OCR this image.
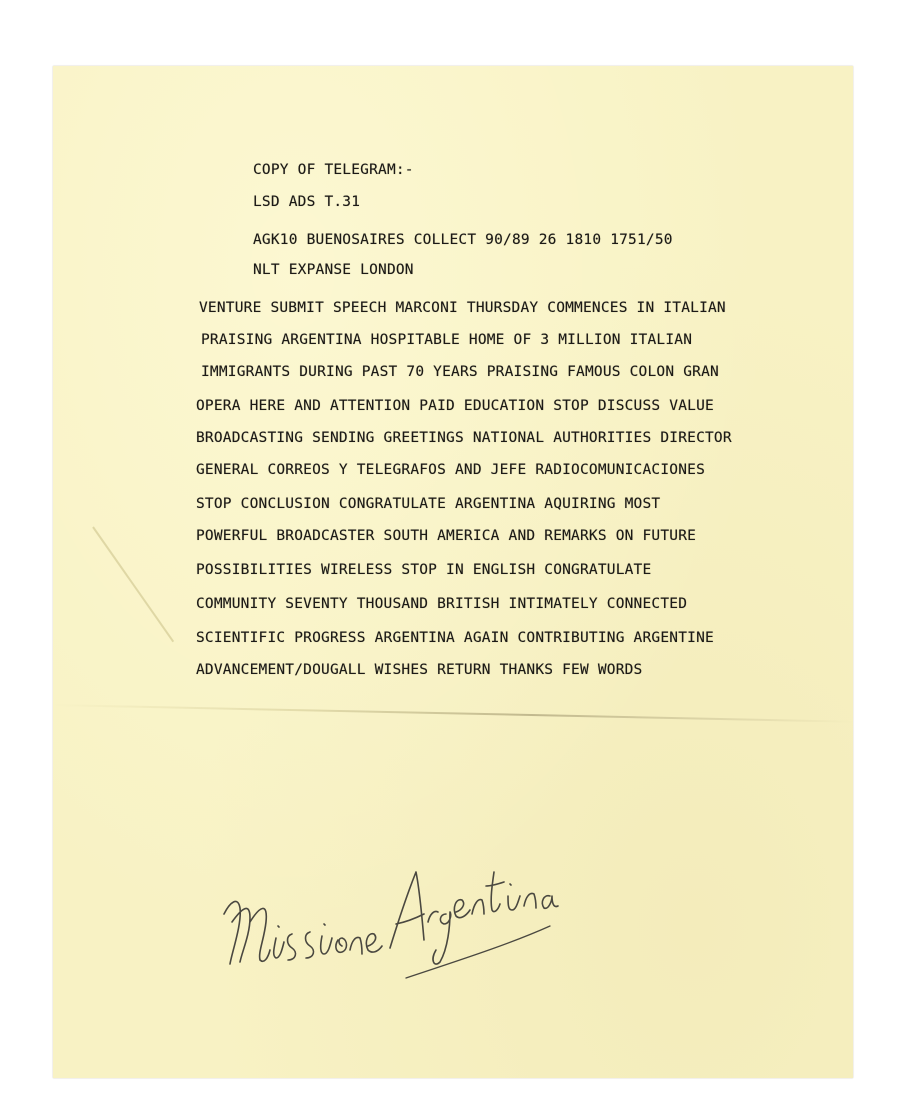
COPY OF TELEGRAM:-

LSD ADS T.31

AGK10 BUENOSAIRES COLLECT 90/89 26 1810 1751/50

NLT EXPANSE LONDON

VENTURE SUBMIT SPEECH MARCONI THURSDAY COMMENCES IN ITALIAN

PRAISING ARGENTINA HOSPITABLE HOME OF 3 MILLION ITALIAN

IMMIGRANTS DURING PAST 70 YEARS PRAISING FAMOUS COLON GRAN

OPERA HERE AND ATTENTION PAID EDUCATION STOP DISCUSS VALUE

BROADCASTING SENDING GREETINGS NATIONAL AUTHORITIES DIRECTOR

GENERAL CORREOS Y TELEGRAFOS AND JEFE RADIOCOMUNICACIONES

STOP CONCLUSION CONGRATULATE ARGENTINA AQUIRING MOST

POWERFUL BROADCASTER SOUTH AMERICA AND REMARKS ON FUTURE

POSSIBILITIES WIRELESS STOP IN ENGLISH CONGRATULATE

COMMUNITY SEVENTY THOUSAND BRITISH INTIMATELY CONNECTED

SCIENTIFIC PROGRESS ARGENTINA AGAIN CONTRIBUTING ARGENTINE

ADVANCEMENT/DOUGALL WISHES RETURN THANKS FEW WORDS
